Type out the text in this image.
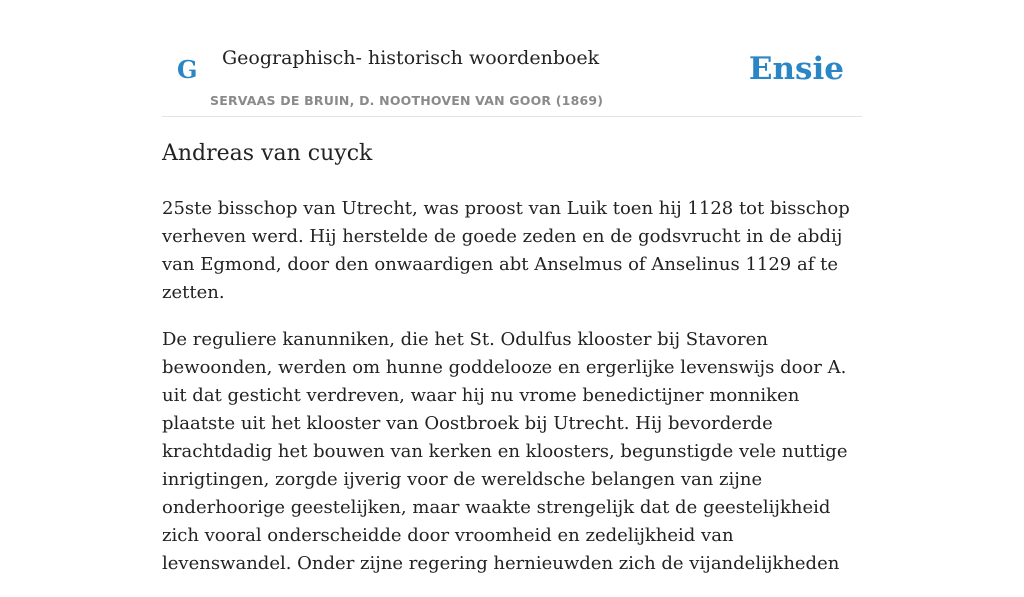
G Geographisch- historisch woordenboek
SERVAAS DE BRUIN, D. NOOTHOVEN VAN GOOR (1869)
Ensie
Andreas van cuyck

25ste bisschop van Utrecht, was proost van Luik toen hij 1128 tot bisschop verheven werd. Hij herstelde de goede zeden en de godsvrucht in de abdij van Egmond, door den onwaardigen abt Anselmus of Anselinus 1129 af te zetten.

De reguliere kanunniken, die het St. Odulfus klooster bij Stavoren bewoonden, werden om hunne goddelooze en ergerlijke levenswijs door A. uit dat gesticht verdreven, waar hij nu vrome benedictijner monniken plaatste uit het klooster van Oostbroek bij Utrecht. Hij bevorderde krachtdadig het bouwen van kerken en kloosters, begunstigde vele nuttige inrigtingen, zorgde ijverig voor de wereldsche belangen van zijne onderhoorige geestelijken, maar waakte strengelijk dat de geestelijkheid zich vooral onderscheidde door vroomheid en zedelijkheid van levenswandel. Onder zijne regering hernieuwden zich de vijandelijkheden
